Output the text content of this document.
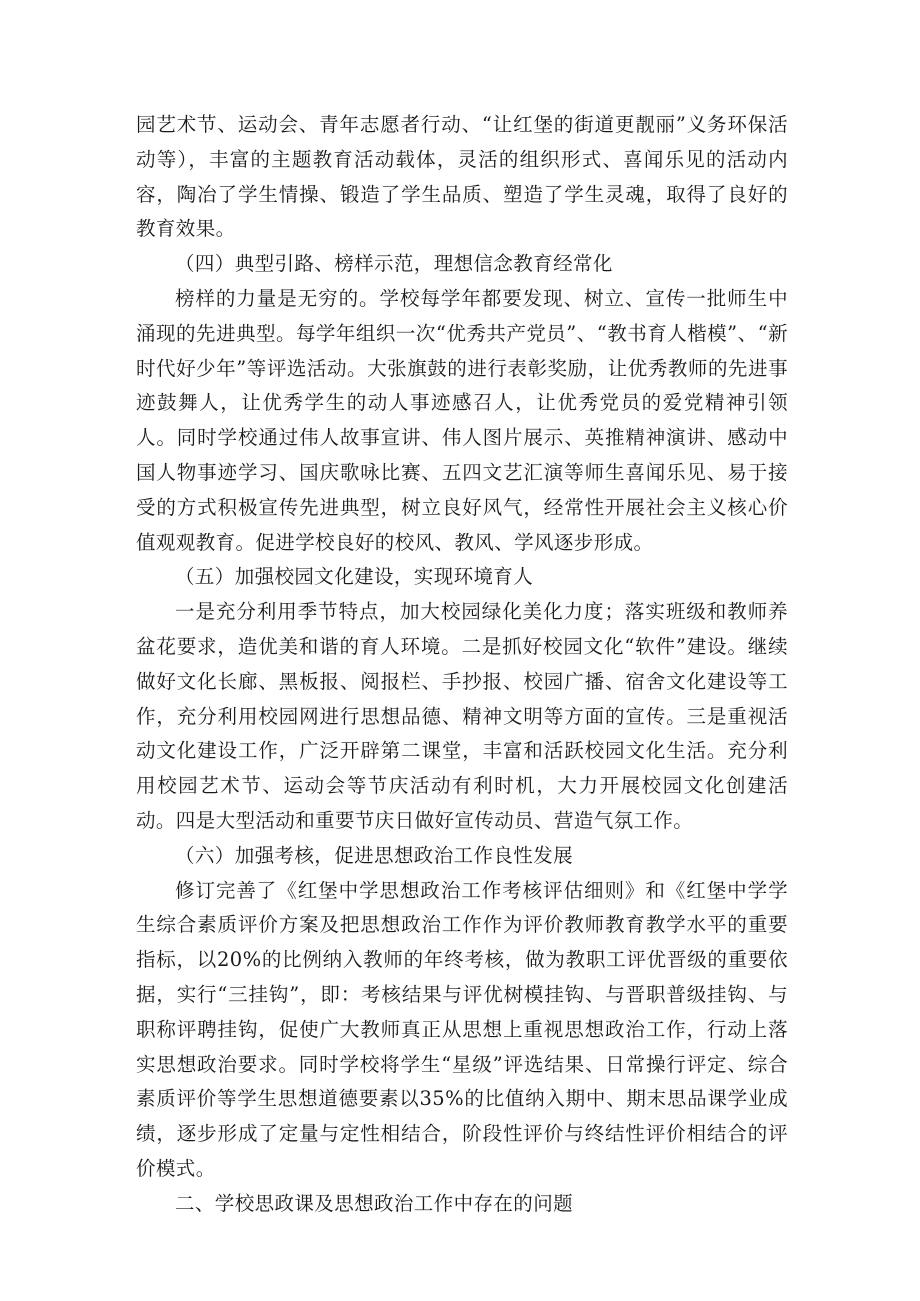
园艺术节、运动会、青年志愿者行动、“让红堡的街道更靓丽”义务环保活动等），丰富的主题教育活动载体，灵活的组织形式、喜闻乐见的活动内容，陶冶了学生情操、锻造了学生品质、塑造了学生灵魂，取得了良好的教育效果。

（四）典型引路、榜样示范，理想信念教育经常化

榜样的力量是无穷的。学校每学年都要发现、树立、宣传一批师生中涌现的先进典型。每学年组织一次“优秀共产党员”、“教书育人楷模”、“新时代好少年”等评选活动。大张旗鼓的进行表彰奖励，让优秀教师的先进事迹鼓舞人，让优秀学生的动人事迹感召人，让优秀党员的爱党精神引领人。同时学校通过伟人故事宣讲、伟人图片展示、英推精神演讲、感动中国人物事迹学习、国庆歌咏比赛、五四文艺汇演等师生喜闻乐见、易于接受的方式积极宣传先进典型，树立良好风气，经常性开展社会主义核心价值观观教育。促进学校良好的校风、教风、学风逐步形成。

（五）加强校园文化建设，实现环境育人

一是充分利用季节特点，加大校园绿化美化力度；落实班级和教师养盆花要求，造优美和谐的育人环境。二是抓好校园文化“软件”建设。继续做好文化长廊、黑板报、阅报栏、手抄报、校园广播、宿舍文化建设等工作，充分利用校园网进行思想品德、精神文明等方面的宣传。三是重视活动文化建设工作，广泛开辟第二课堂，丰富和活跃校园文化生活。充分利用校园艺术节、运动会等节庆活动有利时机，大力开展校园文化创建活动。四是大型活动和重要节庆日做好宣传动员、营造气氛工作。

（六）加强考核，促进思想政治工作良性发展

修订完善了《红堡中学思想政治工作考核评估细则》和《红堡中学学生综合素质评价方案及把思想政治工作作为评价教师教育教学水平的重要指标，以20%的比例纳入教师的年终考核，做为教职工评优晋级的重要依据，实行“三挂钩”，即：考核结果与评优树模挂钩、与晋职普级挂钩、与职称评聘挂钩，促使广大教师真正从思想上重视思想政治工作，行动上落实思想政治要求。同时学校将学生“星级”评选结果、日常操行评定、综合素质评价等学生思想道德要素以35%的比值纳入期中、期末思品课学业成绩，逐步形成了定量与定性相结合，阶段性评价与终结性评价相结合的评价模式。

二、学校思政课及思想政治工作中存在的问题
